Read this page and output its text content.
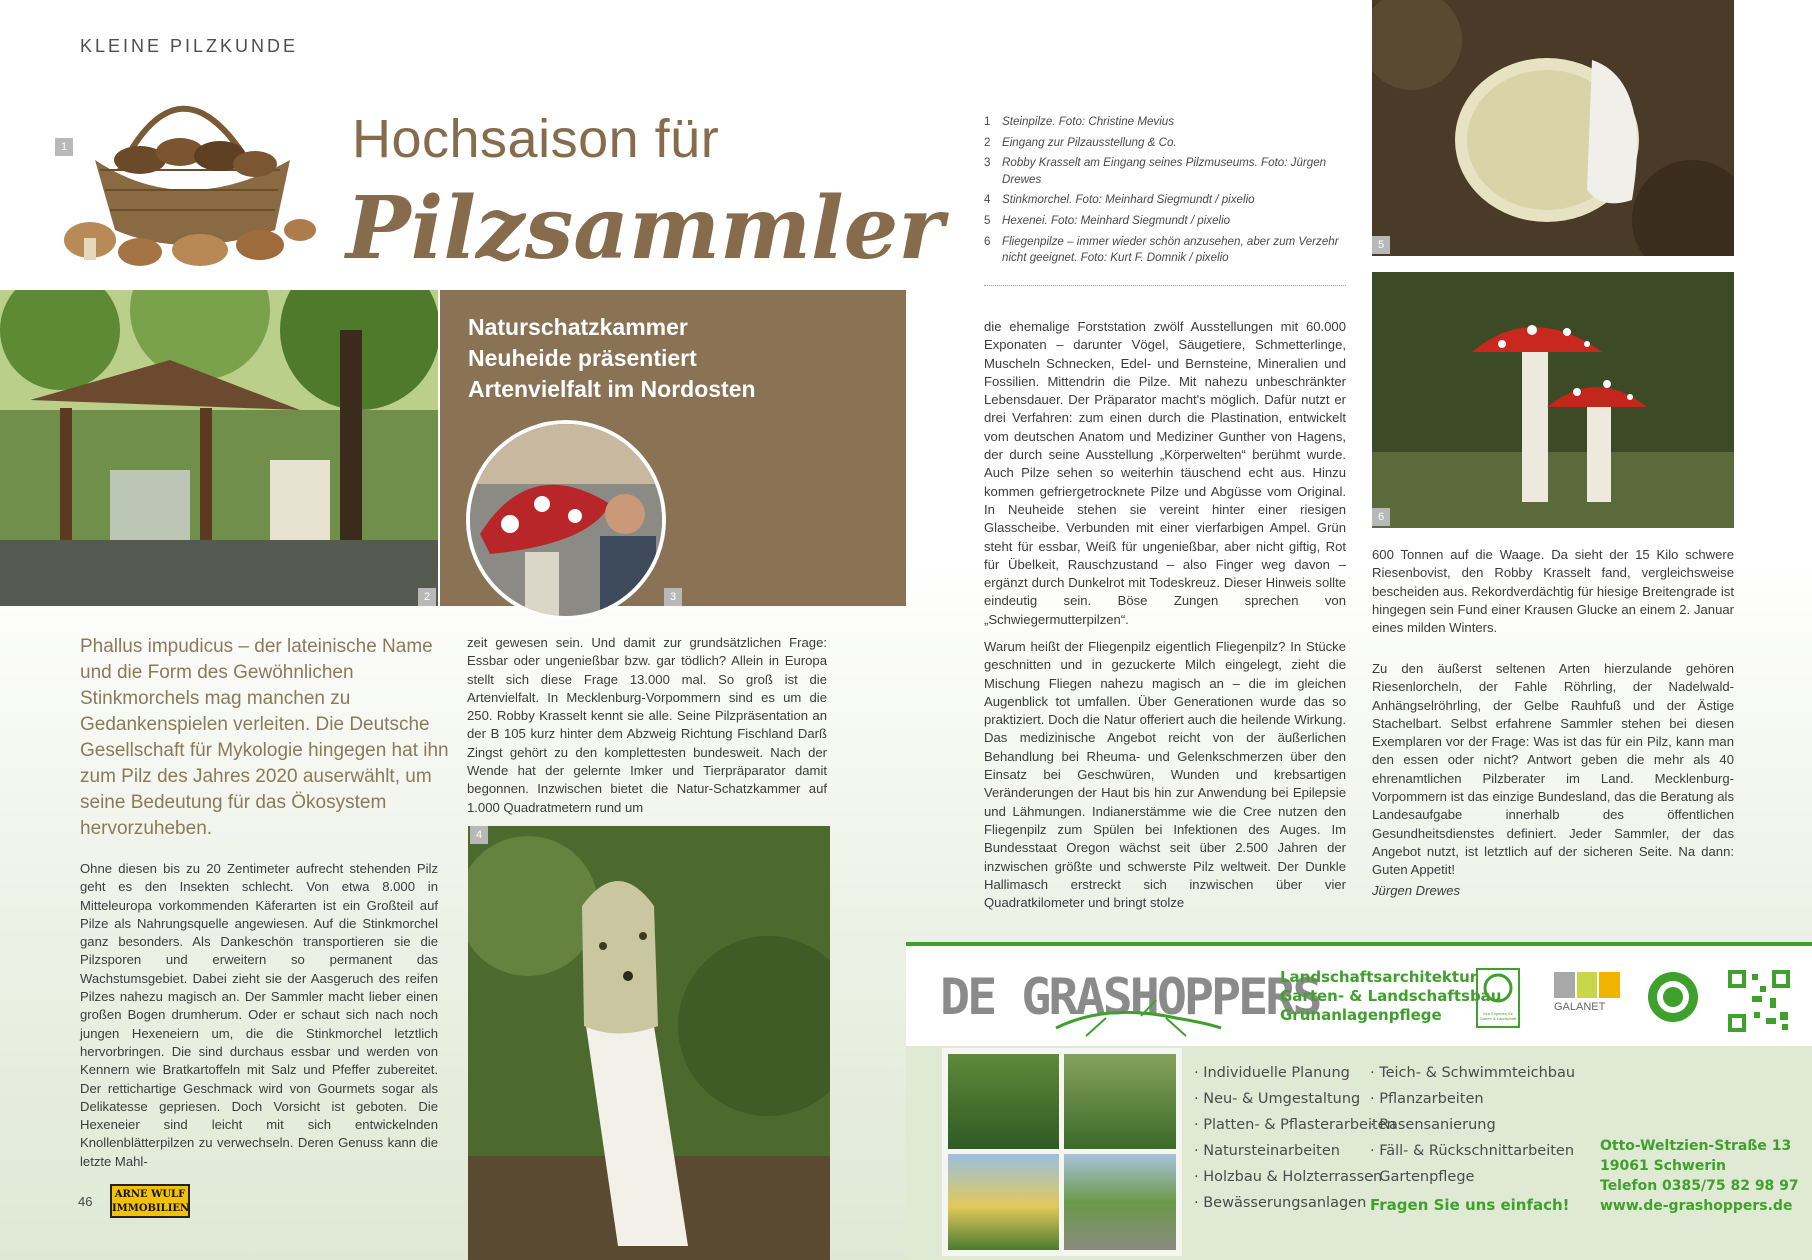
KLEINE PILZKUNDE
1	Hochsaison für
Pilzsammler
2
Naturschatzkammer
Neuheide präsentiert
Artenvielfalt im Nordosten
3
Phallus impudicus – der lateinische Name und die Form des Gewöhnlichen Stinkmorchels mag manchen zu Gedankenspielen verleiten. Die Deutsche Gesellschaft für Mykologie hingegen hat ihn zum Pilz des Jahres 2020 auserwählt, um seine Bedeutung für das Ökosystem hervorzuheben.

Ohne diesen bis zu 20 Zentimeter aufrecht stehenden Pilz geht es den Insekten schlecht. Von etwa 8.000 in Mitteleuropa vorkommenden Käferarten ist ein Großteil auf Pilze als Nahrungsquelle angewiesen. Auf die Stinkmorchel ganz besonders. Als Dankeschön transportieren sie die Pilzsporen und erweitern so permanent das Wachstumsgebiet. Dabei zieht sie der Aasgeruch des reifen Pilzes nahezu magisch an. Der Sammler macht lieber einen großen Bogen drumherum. Oder er schaut sich nach noch jungen Hexeneiern um, die die Stinkmorchel letztlich hervorbringen. Die sind durchaus essbar und werden von Kennern wie Bratkartoffeln mit Salz und Pfeffer zubereitet. Der rettichartige Geschmack wird von Gourmets sogar als Delikatesse gepriesen. Doch Vorsicht ist geboten. Die Hexeneier sind leicht mit sich entwickelnden Knollenblätterpilzen zu verwechseln. Deren Genuss kann die letzte Mahl-

zeit gewesen sein. Und damit zur grundsätzlichen Frage: Essbar oder ungenießbar bzw. gar tödlich? Allein in Europa stellt sich diese Frage 13.000 mal. So groß ist die Artenvielfalt. In Mecklenburg-Vorpommern sind es um die 250. Robby Krasselt kennt sie alle. Seine Pilzpräsentation an der B 105 kurz hinter dem Abzweig Richtung Fischland Darß Zingst gehört zu den komplettesten bundesweit. Nach der Wende hat der gelernte Imker und Tierpräparator damit begonnen. Inzwischen bietet die Natur-Schatzkammer auf 1.000 Quadratmetern rund um

4
46 ARNE WULF
IMMOBILIEN
1 Steinpilze. Foto: Christine Mevius
2 Eingang zur Pilzausstellung & Co.
3 Robby Krasselt am Eingang seines Pilzmuseums. Foto: Jürgen Drewes
4 Stinkmorchel. Foto: Meinhard Siegmundt / pixelio
5 Hexenei. Foto: Meinhard Siegmundt / pixelio
6 Fliegenpilze – immer wieder schön anzusehen, aber zum Verzehr nicht geeignet. Foto: Kurt F. Domnik / pixelio

die ehemalige Forststation zwölf Ausstellungen mit 60.000 Exponaten – darunter Vögel, Säugetiere, Schmetterlinge, Muscheln Schnecken, Edel- und Bernsteine, Mineralien und Fossilien. Mittendrin die Pilze. Mit nahezu unbeschränkter Lebensdauer. Der Präparator macht's möglich. Dafür nutzt er drei Verfahren: zum einen durch die Plastination, entwickelt vom deutschen Anatom und Mediziner Gunther von Hagens, der durch seine Ausstellung „Körperwelten“ berühmt wurde. Auch Pilze sehen so weiterhin täuschend echt aus. Hinzu kommen gefriergetrocknete Pilze und Abgüsse vom Original. In Neuheide stehen sie vereint hinter einer riesigen Glasscheibe. Verbunden mit einer vierfarbigen Ampel. Grün steht für essbar, Weiß für ungenießbar, aber nicht giftig, Rot für Übelkeit, Rauschzustand – also Finger weg davon – ergänzt durch Dunkelrot mit Todeskreuz. Dieser Hinweis sollte eindeutig sein. Böse Zungen sprechen von „Schwiegermutterpilzen“.

Warum heißt der Fliegenpilz eigentlich Fliegenpilz? In Stücke geschnitten und in gezuckerte Milch eingelegt, zieht die Mischung Fliegen nahezu magisch an – die im gleichen Augenblick tot umfallen. Über Generationen wurde das so praktiziert. Doch die Natur offeriert auch die heilende Wirkung. Das medizinische Angebot reicht von der äußerlichen Behandlung bei Rheuma- und Gelenkschmerzen über den Einsatz bei Geschwüren, Wunden und krebsartigen Veränderungen der Haut bis hin zur Anwendung bei Epilepsie und Lähmungen. Indianerstämme wie die Cree nutzen den Fliegenpilz zum Spülen bei Infektionen des Auges. Im Bundesstaat Oregon wächst seit über 2.500 Jahren der inzwischen größte und schwerste Pilz weltweit. Der Dunkle Hallimasch erstreckt sich inzwischen über vier Quadratkilometer und bringt stolze

5
6

600 Tonnen auf die Waage. Da sieht der 15 Kilo schwere Riesenbovist, den Robby Krasselt fand, vergleichsweise bescheiden aus. Rekordverdächtig für hiesige Breitengrade ist hingegen sein Fund einer Krausen Glucke an einem 2. Januar eines milden Winters.

Zu den äußerst seltenen Arten hierzulande gehören Riesenlorcheln, der Fahle Röhrling, der Nadelwald-Anhängselröhrling, der Gelbe Rauhfuß und der Ästige Stachelbart. Selbst erfahrene Sammler stehen bei diesen Exemplaren vor der Frage: Was ist das für ein Pilz, kann man den essen oder nicht? Antwort geben die mehr als 40 ehrenamtlichen Pilzberater im Land. Mecklenburg-Vorpommern ist das einzige Bundesland, das die Beratung als Landesaufgabe innerhalb des öffentlichen Gesundheitsdienstes definiert. Jeder Sammler, der das Angebot nutzt, ist letztlich auf der sicheren Seite. Na dann: Guten Appetit!

Jürgen Drewes
DE GRASHOPPERS
Landschaftsarchitektur
Garten- & Landschaftsbau
Grünanlagenpflege	Ihre Experten für Garten & Landschaft
GALANET
· Individuelle Planung
· Neu- & Umgestaltung
· Platten- & Pflasterarbeiten
· Natursteinarbeiten
· Holzbau & Holzterrassen
· Bewässerungsanlagen
· Teich- & Schwimmteichbau
· Pflanzarbeiten
· Rasensanierung
· Fäll- & Rückschnittarbeiten
· Gartenpflege
Fragen Sie uns einfach!
Otto-Weltzien-Straße 13
19061 Schwerin
Telefon 0385/75 82 98 97
www.de-grashoppers.de
